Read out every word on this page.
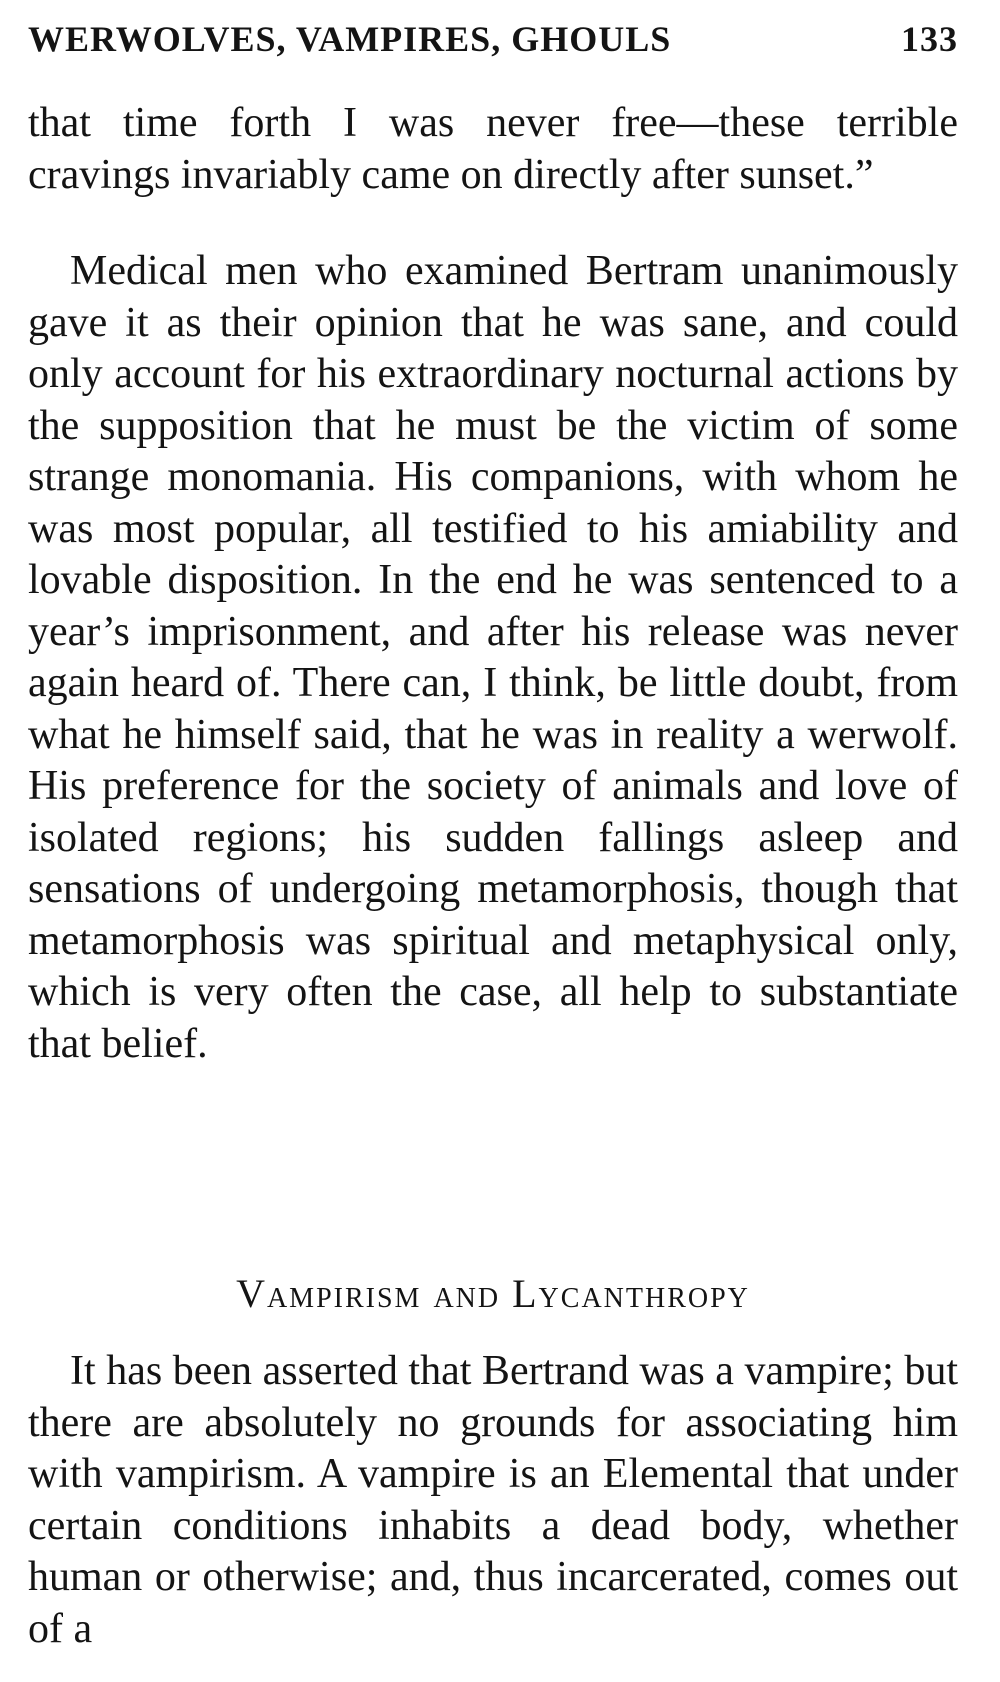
WERWOLVES, VAMPIRES, GHOULS	133

that time forth I was never free—these terrible cravings invariably came on directly after sunset.”

Medical men who examined Bertram unanimously gave it as their opinion that he was sane, and could only account for his extraordinary nocturnal actions by the supposition that he must be the victim of some strange monomania. His companions, with whom he was most popular, all testified to his amiability and lovable disposition. In the end he was sentenced to a year’s imprisonment, and after his release was never again heard of. There can, I think, be little doubt, from what he himself said, that he was in reality a werwolf. His preference for the society of animals and love of isolated regions; his sudden fallings asleep and sensations of undergoing metamorphosis, though that metamorphosis was spiritual and metaphysical only, which is very often the case, all help to substantiate that belief.

Vampirism and Lycanthropy

It has been asserted that Bertrand was a vampire; but there are absolutely no grounds for associating him with vampirism. A vampire is an Elemental that under certain conditions inhabits a dead body, whether human or otherwise; and, thus incarcerated, comes out of a
